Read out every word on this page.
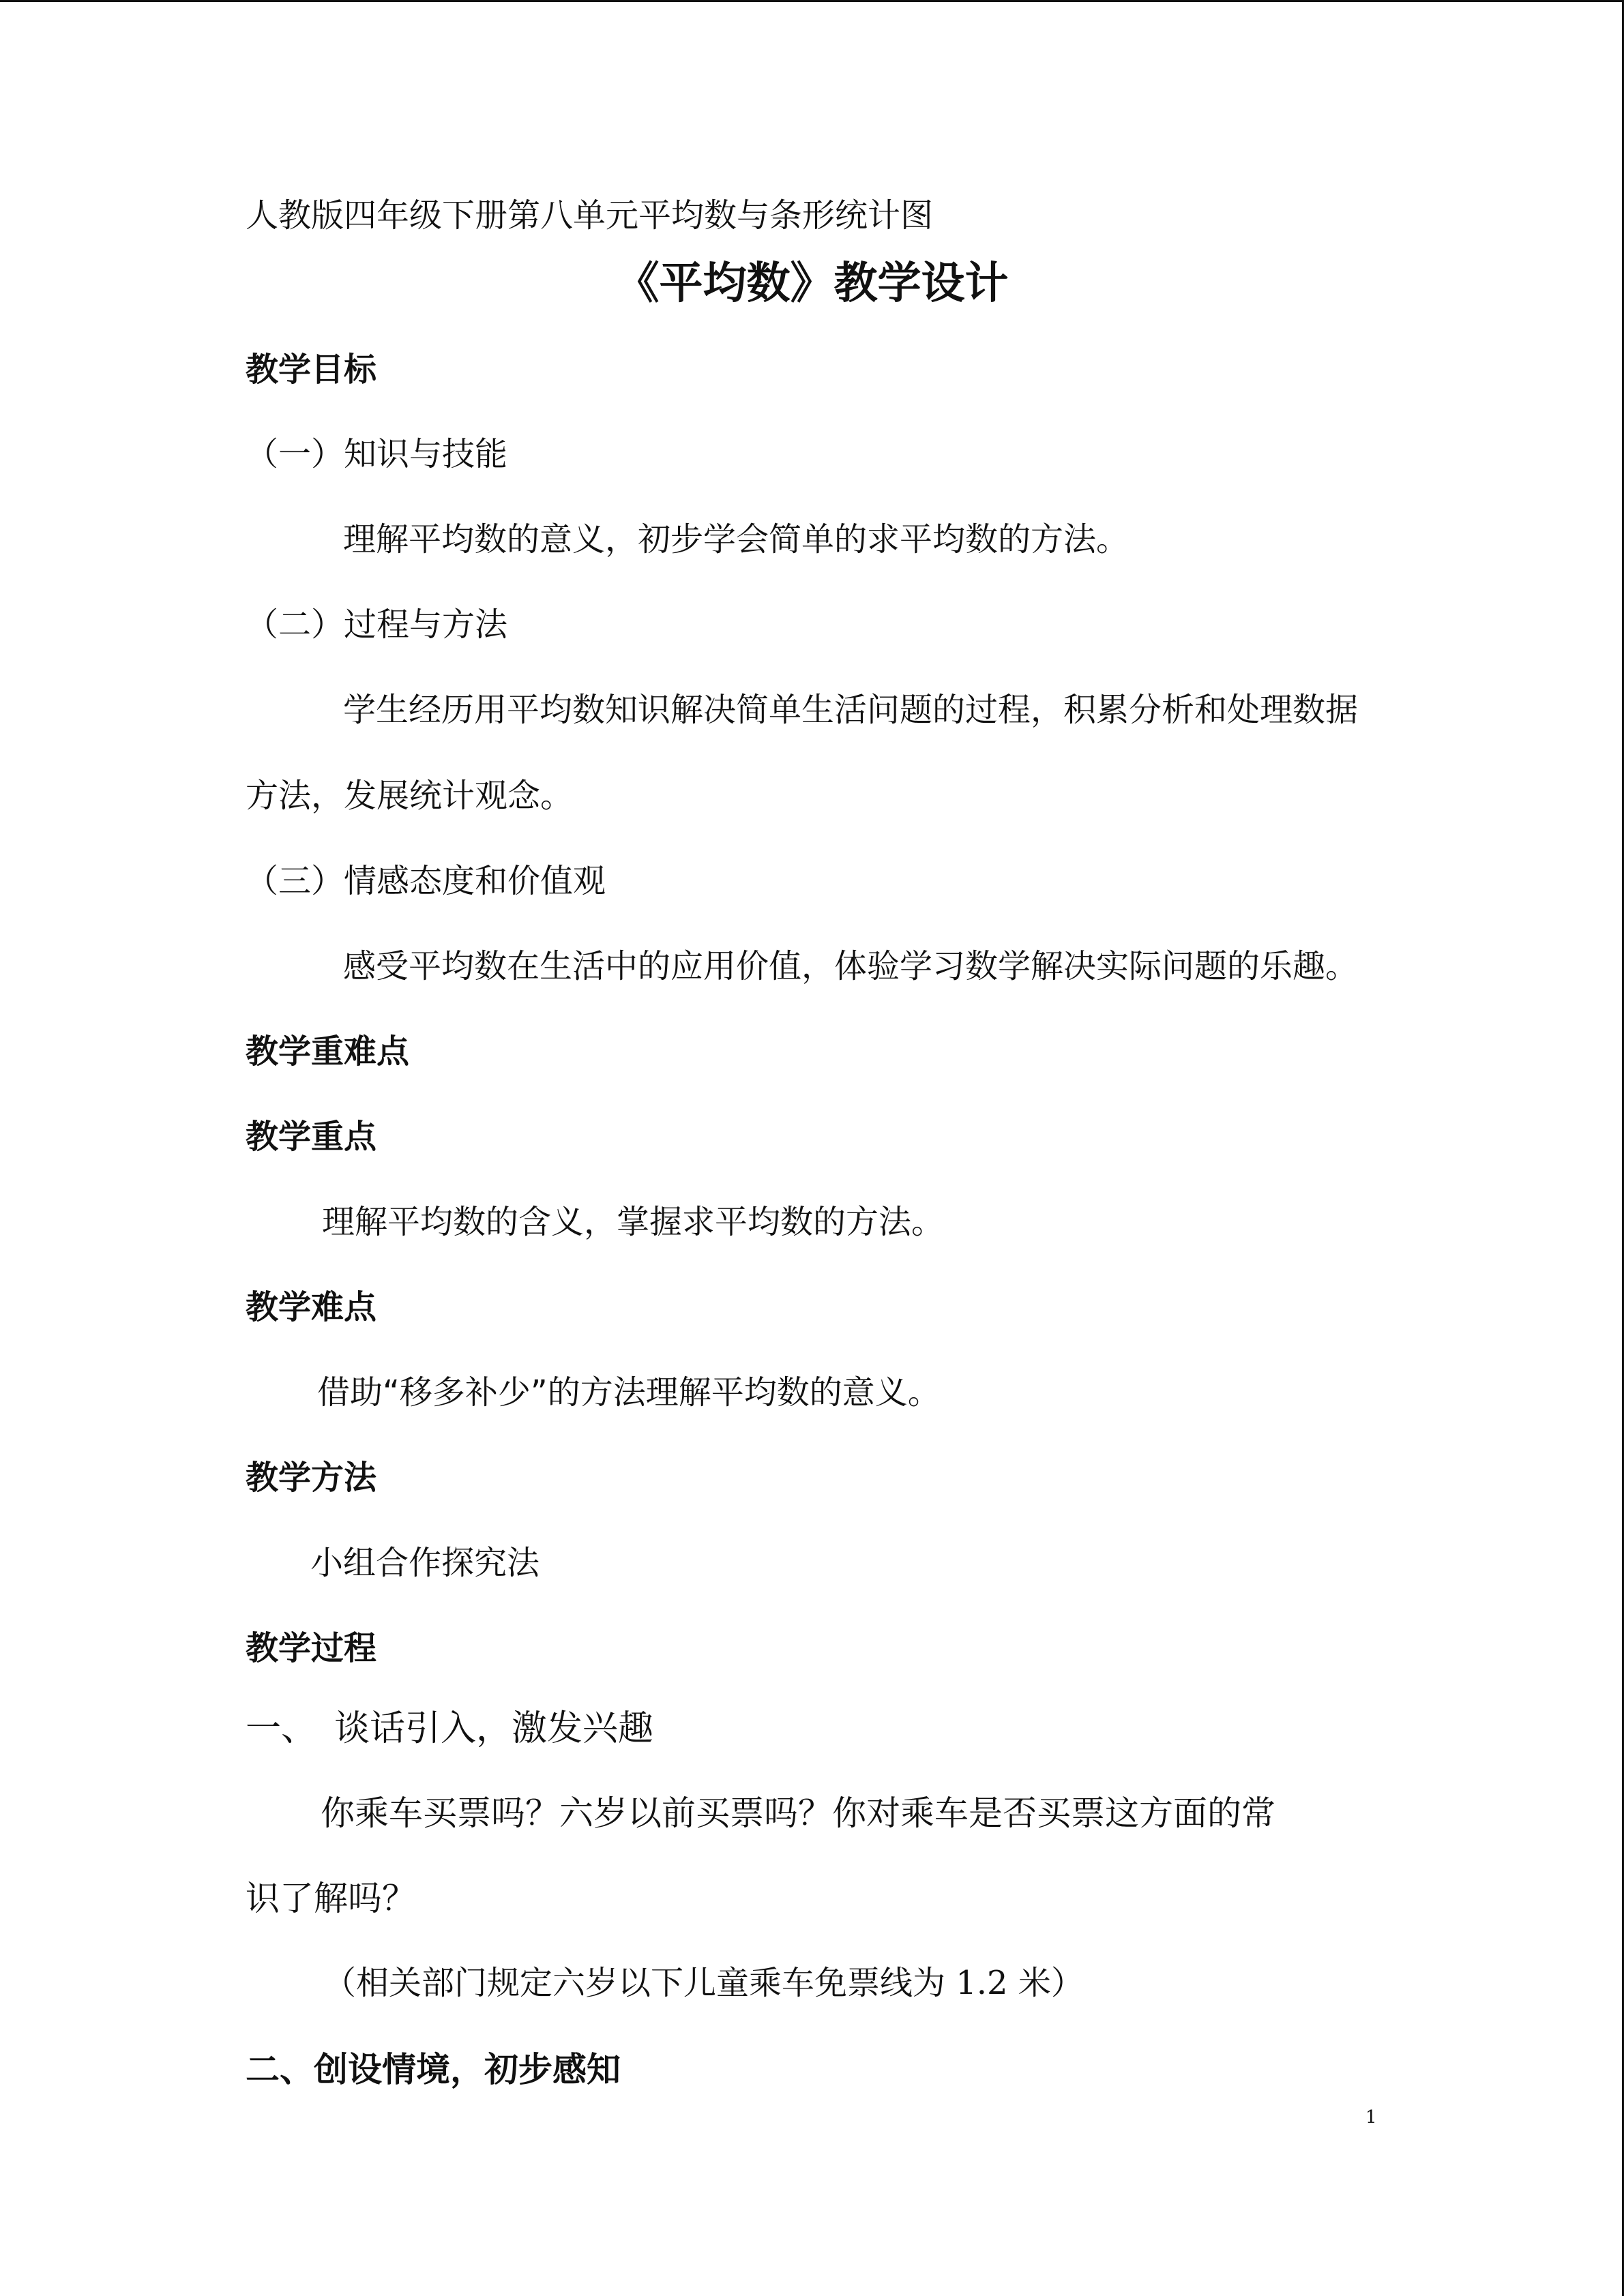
人教版四年级下册第八单元平均数与条形统计图
《平均数》教学设计
教学目标
（一）知识与技能
理解平均数的意义，初步学会简单的求平均数的方法。
（二）过程与方法
学生经历用平均数知识解决简单生活问题的过程，积累分析和处理数据
方法，发展统计观念。
（三）情感态度和价值观
感受平均数在生活中的应用价值，体验学习数学解决实际问题的乐趣。
教学重难点
教学重点
理解平均数的含义，掌握求平均数的方法。
教学难点
借助“移多补少”的方法理解平均数的意义。
教学方法
小组合作探究法
教学过程
一、　谈话引入，激发兴趣
你乘车买票吗？六岁以前买票吗？你对乘车是否买票这方面的常
识了解吗？
（相关部门规定六岁以下儿童乘车免票线为 1.2 米）
二、创设情境，初步感知
1
